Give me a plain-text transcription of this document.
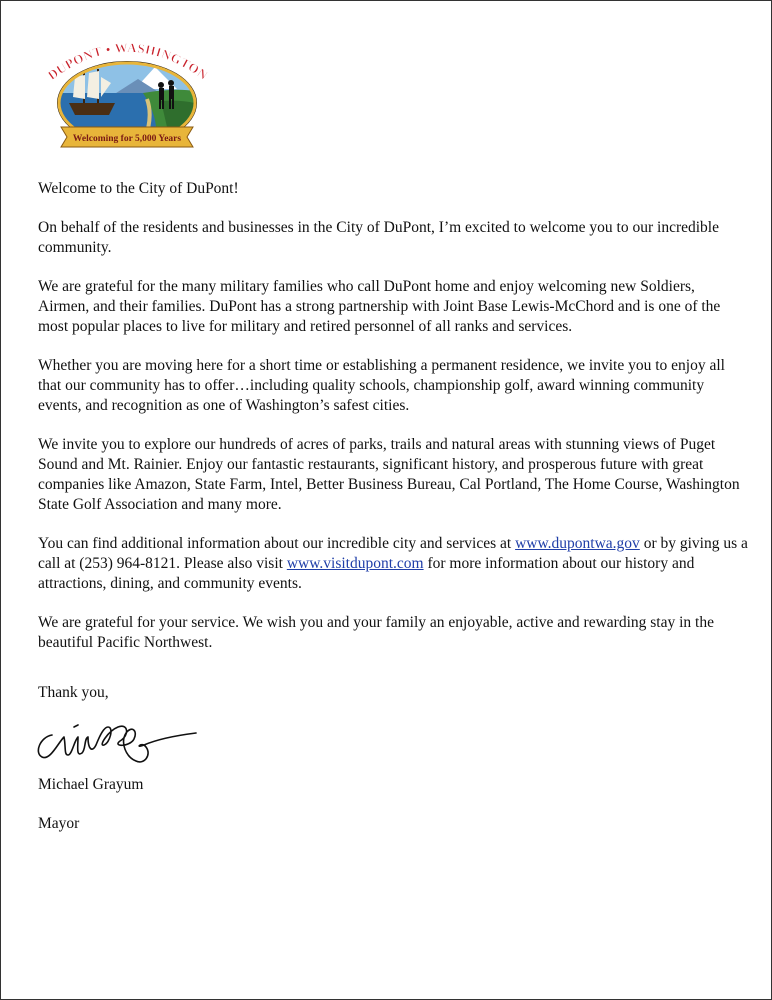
DUPONT • WASHINGTON
Welcoming for 5,000 Years

Welcome to the City of DuPont!

On behalf of the residents and businesses in the City of DuPont, I’m excited to welcome you to our incredible community.

We are grateful for the many military families who call DuPont home and enjoy welcoming new Soldiers, Airmen, and their families. DuPont has a strong partnership with Joint Base Lewis-McChord and is one of the most popular places to live for military and retired personnel of all ranks and services.

Whether you are moving here for a short time or establishing a permanent residence, we invite you to enjoy all that our community has to offer…including quality schools, championship golf, award winning community events, and recognition as one of Washington’s safest cities.

We invite you to explore our hundreds of acres of parks, trails and natural areas with stunning views of Puget Sound and Mt. Rainier. Enjoy our fantastic restaurants, significant history, and prosperous future with great companies like Amazon, State Farm, Intel, Better Business Bureau, Cal Portland, The Home Course, Washington State Golf Association and many more.

You can find additional information about our incredible city and services at www.dupontwa.gov or by giving us a call at (253) 964-8121. Please also visit www.visitdupont.com for more information about our history and attractions, dining, and community events.

We are grateful for your service. We wish you and your family an enjoyable, active and rewarding stay in the beautiful Pacific Northwest.

Thank you,

Michael Grayum

Mayor
